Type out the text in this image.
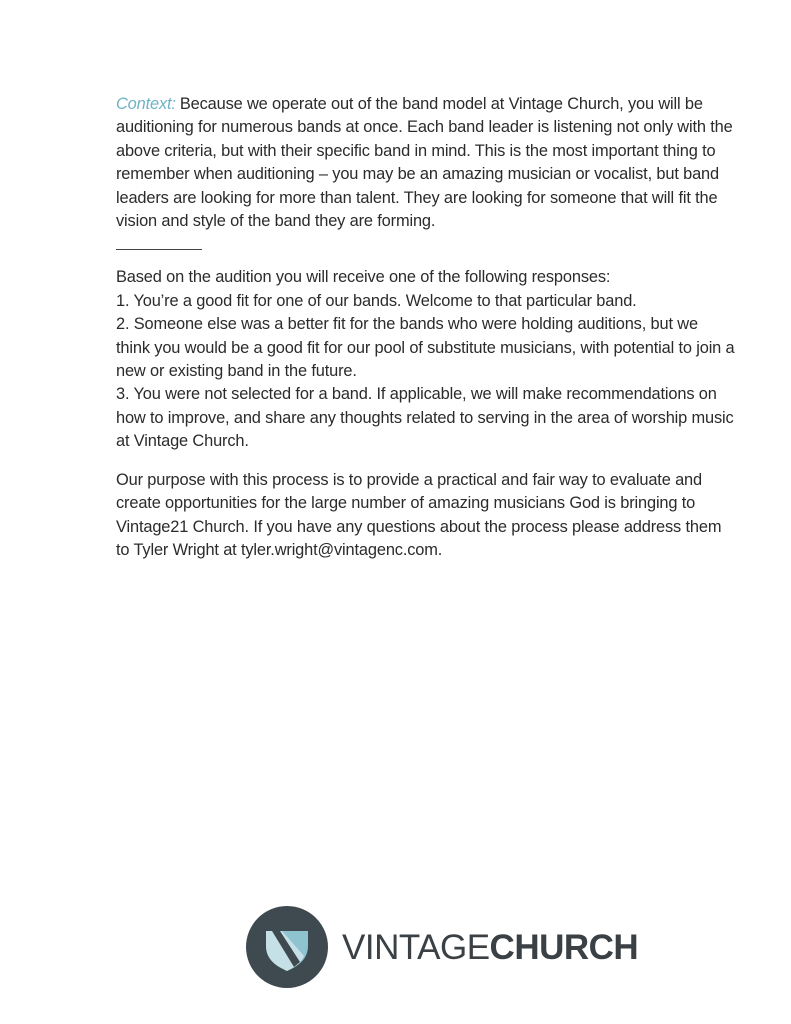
Context: Because we operate out of the band model at Vintage Church, you will be auditioning for numerous bands at once. Each band leader is listening not only with the above criteria, but with their specific band in mind. This is the most important thing to remember when auditioning – you may be an amazing musician or vocalist, but band leaders are looking for more than talent. They are looking for someone that will fit the vision and style of the band they are forming.

Based on the audition you will receive one of the following responses:

1. You’re a good fit for one of our bands. Welcome to that particular band.

2. Someone else was a better fit for the bands who were holding auditions, but we think you would be a good fit for our pool of substitute musicians, with potential to join a new or existing band in the future.

3. You were not selected for a band. If applicable, we will make recommendations on how to improve, and share any thoughts related to serving in the area of worship music at Vintage Church.

Our purpose with this process is to provide a practical and fair way to evaluate and create opportunities for the large number of amazing musicians God is bringing to Vintage21 Church. If you have any questions about the process please address them to Tyler Wright at tyler.wright@vintagenc.com.

VINTAGECHURCH
